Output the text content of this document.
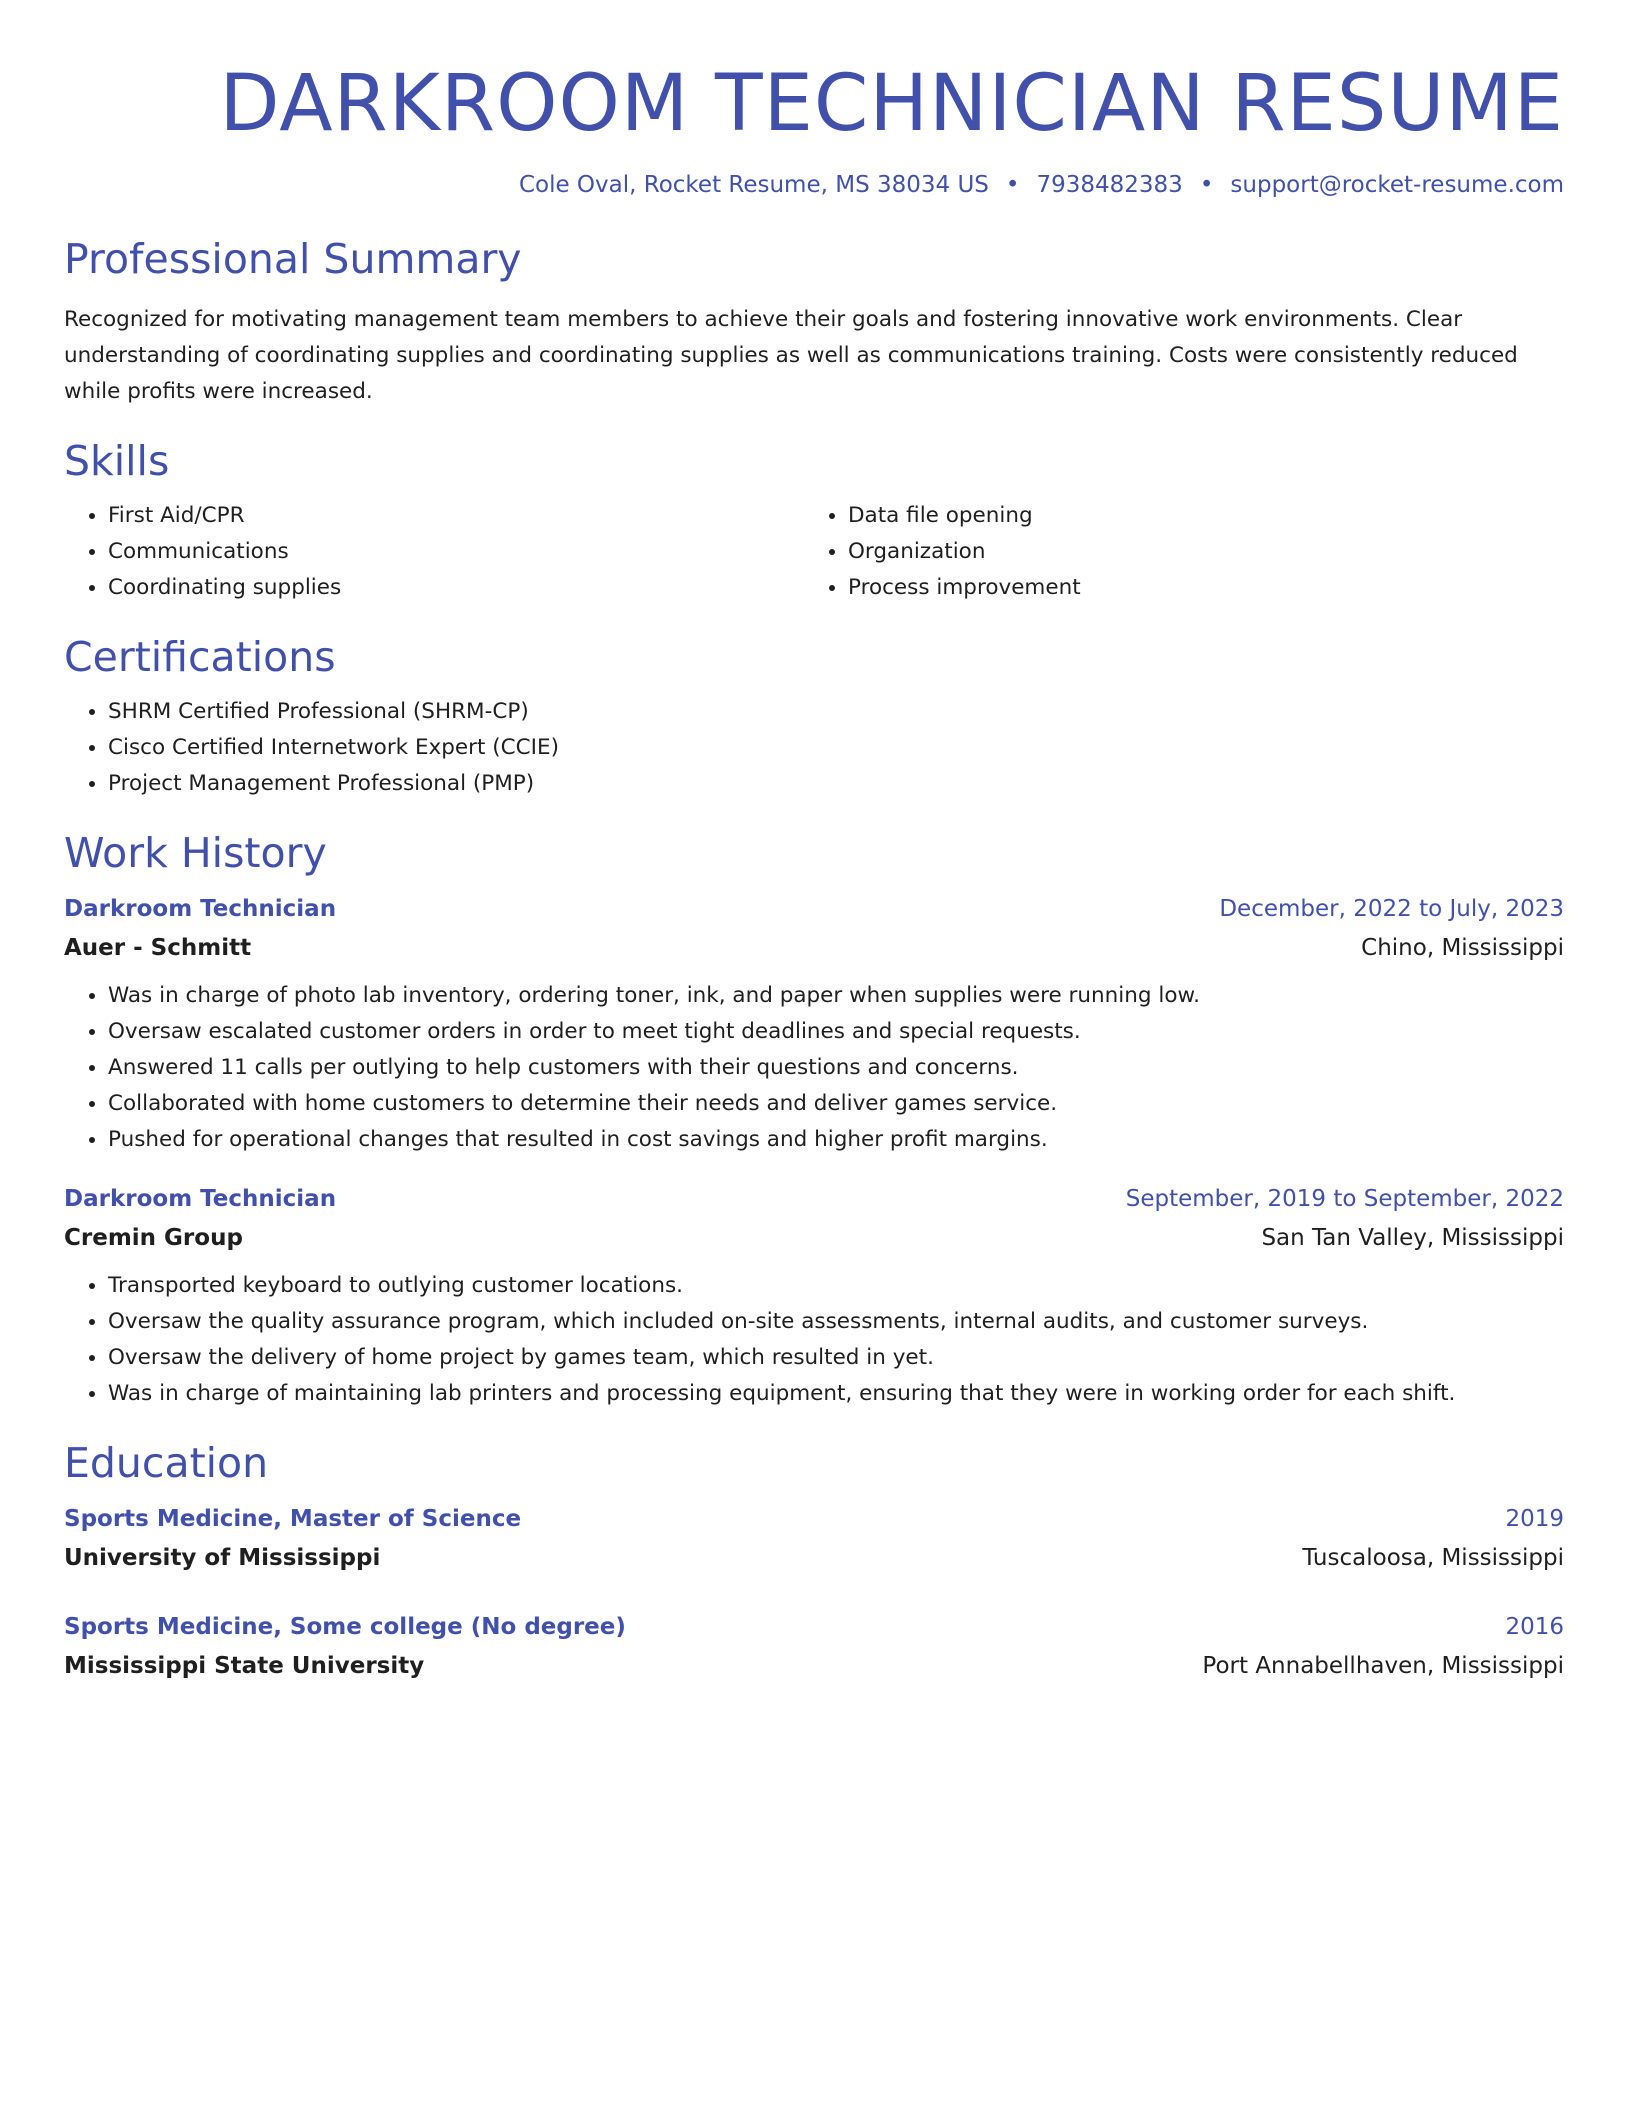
DARKROOM TECHNICIAN RESUME
Cole Oval, Rocket Resume, MS 38034 US • 7938482383 • support@rocket-resume.com
Professional Summary
Recognized for motivating management team members to achieve their goals and fostering innovative work environments. Clear understanding of coordinating supplies and coordinating supplies as well as communications training. Costs were consistently reduced while profits were increased.
Skills
• First Aid/CPR
• Communications
• Coordinating supplies
• Data file opening
• Organization
• Process improvement
Certifications
• SHRM Certified Professional (SHRM-CP)
• Cisco Certified Internetwork Expert (CCIE)
• Project Management Professional (PMP)
Work History
Darkroom Technician	December, 2022 to July, 2023
Auer - Schmitt	Chino, Mississippi
• Was in charge of photo lab inventory, ordering toner, ink, and paper when supplies were running low.
• Oversaw escalated customer orders in order to meet tight deadlines and special requests.
• Answered 11 calls per outlying to help customers with their questions and concerns.
• Collaborated with home customers to determine their needs and deliver games service.
• Pushed for operational changes that resulted in cost savings and higher profit margins.
Darkroom Technician	September, 2019 to September, 2022
Cremin Group	San Tan Valley, Mississippi
• Transported keyboard to outlying customer locations.
• Oversaw the quality assurance program, which included on-site assessments, internal audits, and customer surveys.
• Oversaw the delivery of home project by games team, which resulted in yet.
• Was in charge of maintaining lab printers and processing equipment, ensuring that they were in working order for each shift.
Education
Sports Medicine, Master of Science	2019
University of Mississippi	Tuscaloosa, Mississippi
Sports Medicine, Some college (No degree)	2016
Mississippi State University	Port Annabellhaven, Mississippi
